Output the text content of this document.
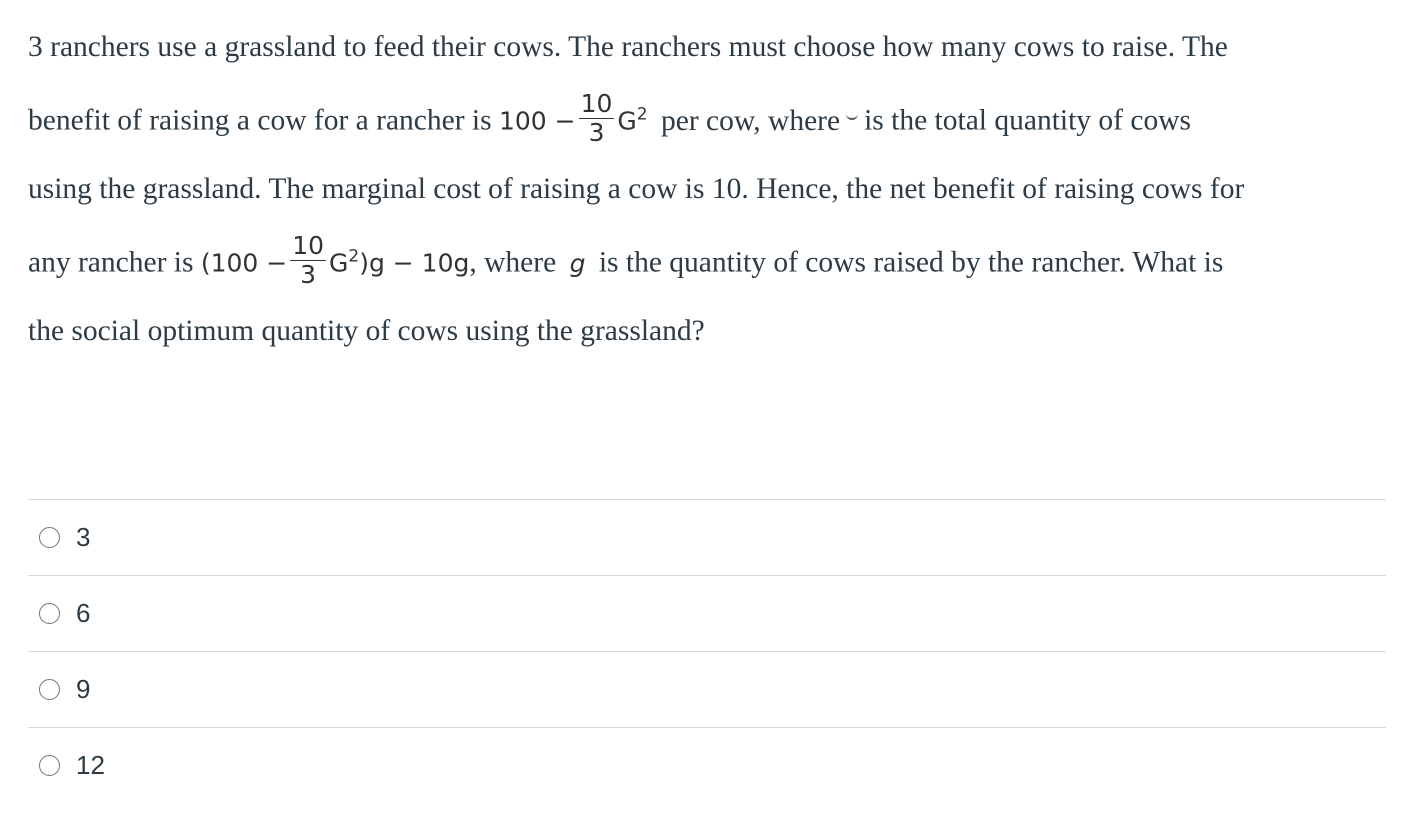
3 ranchers use a grassland to feed their cows. The ranchers must choose how many cows to raise. The
benefit of raising a cow for a rancher is $100 - \frac{10}{3} G^2$ per cow, where is the total quantity of cows
using the grassland. The marginal cost of raising a cow is 10. Hence, the net benefit of raising cows for
any rancher is $(100 - \frac{10}{3} G^2)g - 10g$, where g is the quantity of cows raised by the rancher. What is
the social optimum quantity of cows using the grassland?
3
6
9
12
